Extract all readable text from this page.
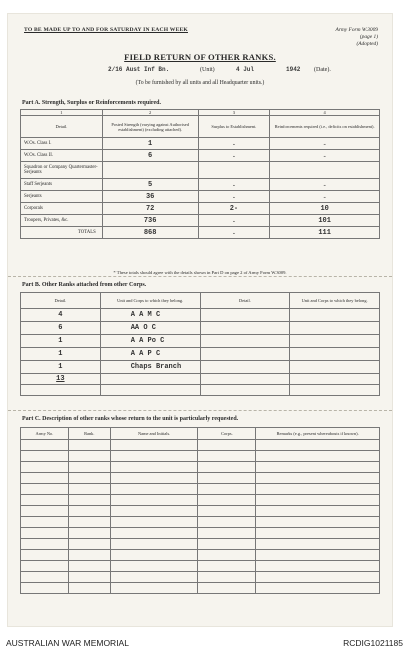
TO BE MADE UP TO AND FOR SATURDAY IN EACH WEEK	Army Form W.3009
(page 1)
(Adopted)
FIELD RETURN OF OTHER RANKS.
2/16 Aust Inf Bn.	(Unit)	4 Jul	1942 (Date).
(To be furnished by all units and all Headquarter units.)
Part A. Strength, Surplus or Reinforcements required.
1	2	3	4
Detail.	Posted Strength (varying against Authorised establishment) (excluding attached).	Surplus to Establishment.	Reinforcements required (i.e., deficits on establishment).
W.Os. Class I.	1	-	-
W.Os. Class II.	6	-	-
Squadron or Company Quartermaster-Serjeants			
Staff Serjeants	5	-	-
Serjeants	36	-	-
Corporals	72	2-	10
Troopers, Privates, &c.	736	-	101
TOTALS	868	-	111
* These totals should agree with the details shown in Part D on page 2 of Army Form W.3009.
Part B. Other Ranks attached from other Corps.
Detail.	Unit and Corps to which they belong.	Detail.	Unit and Corps to which they belong.
4	A A M C		
6	AA O C		
1	A A Po C		
1	A A P C		
1	Chaps Branch		
13			

Part C. Description of other ranks whose return to the unit is particularly requested.
Army No.	Rank.	Name and Initials.	Corps.	Remarks (e.g., present whereabouts if known).

AUSTRALIAN WAR MEMORIAL	RCDIG1021185
